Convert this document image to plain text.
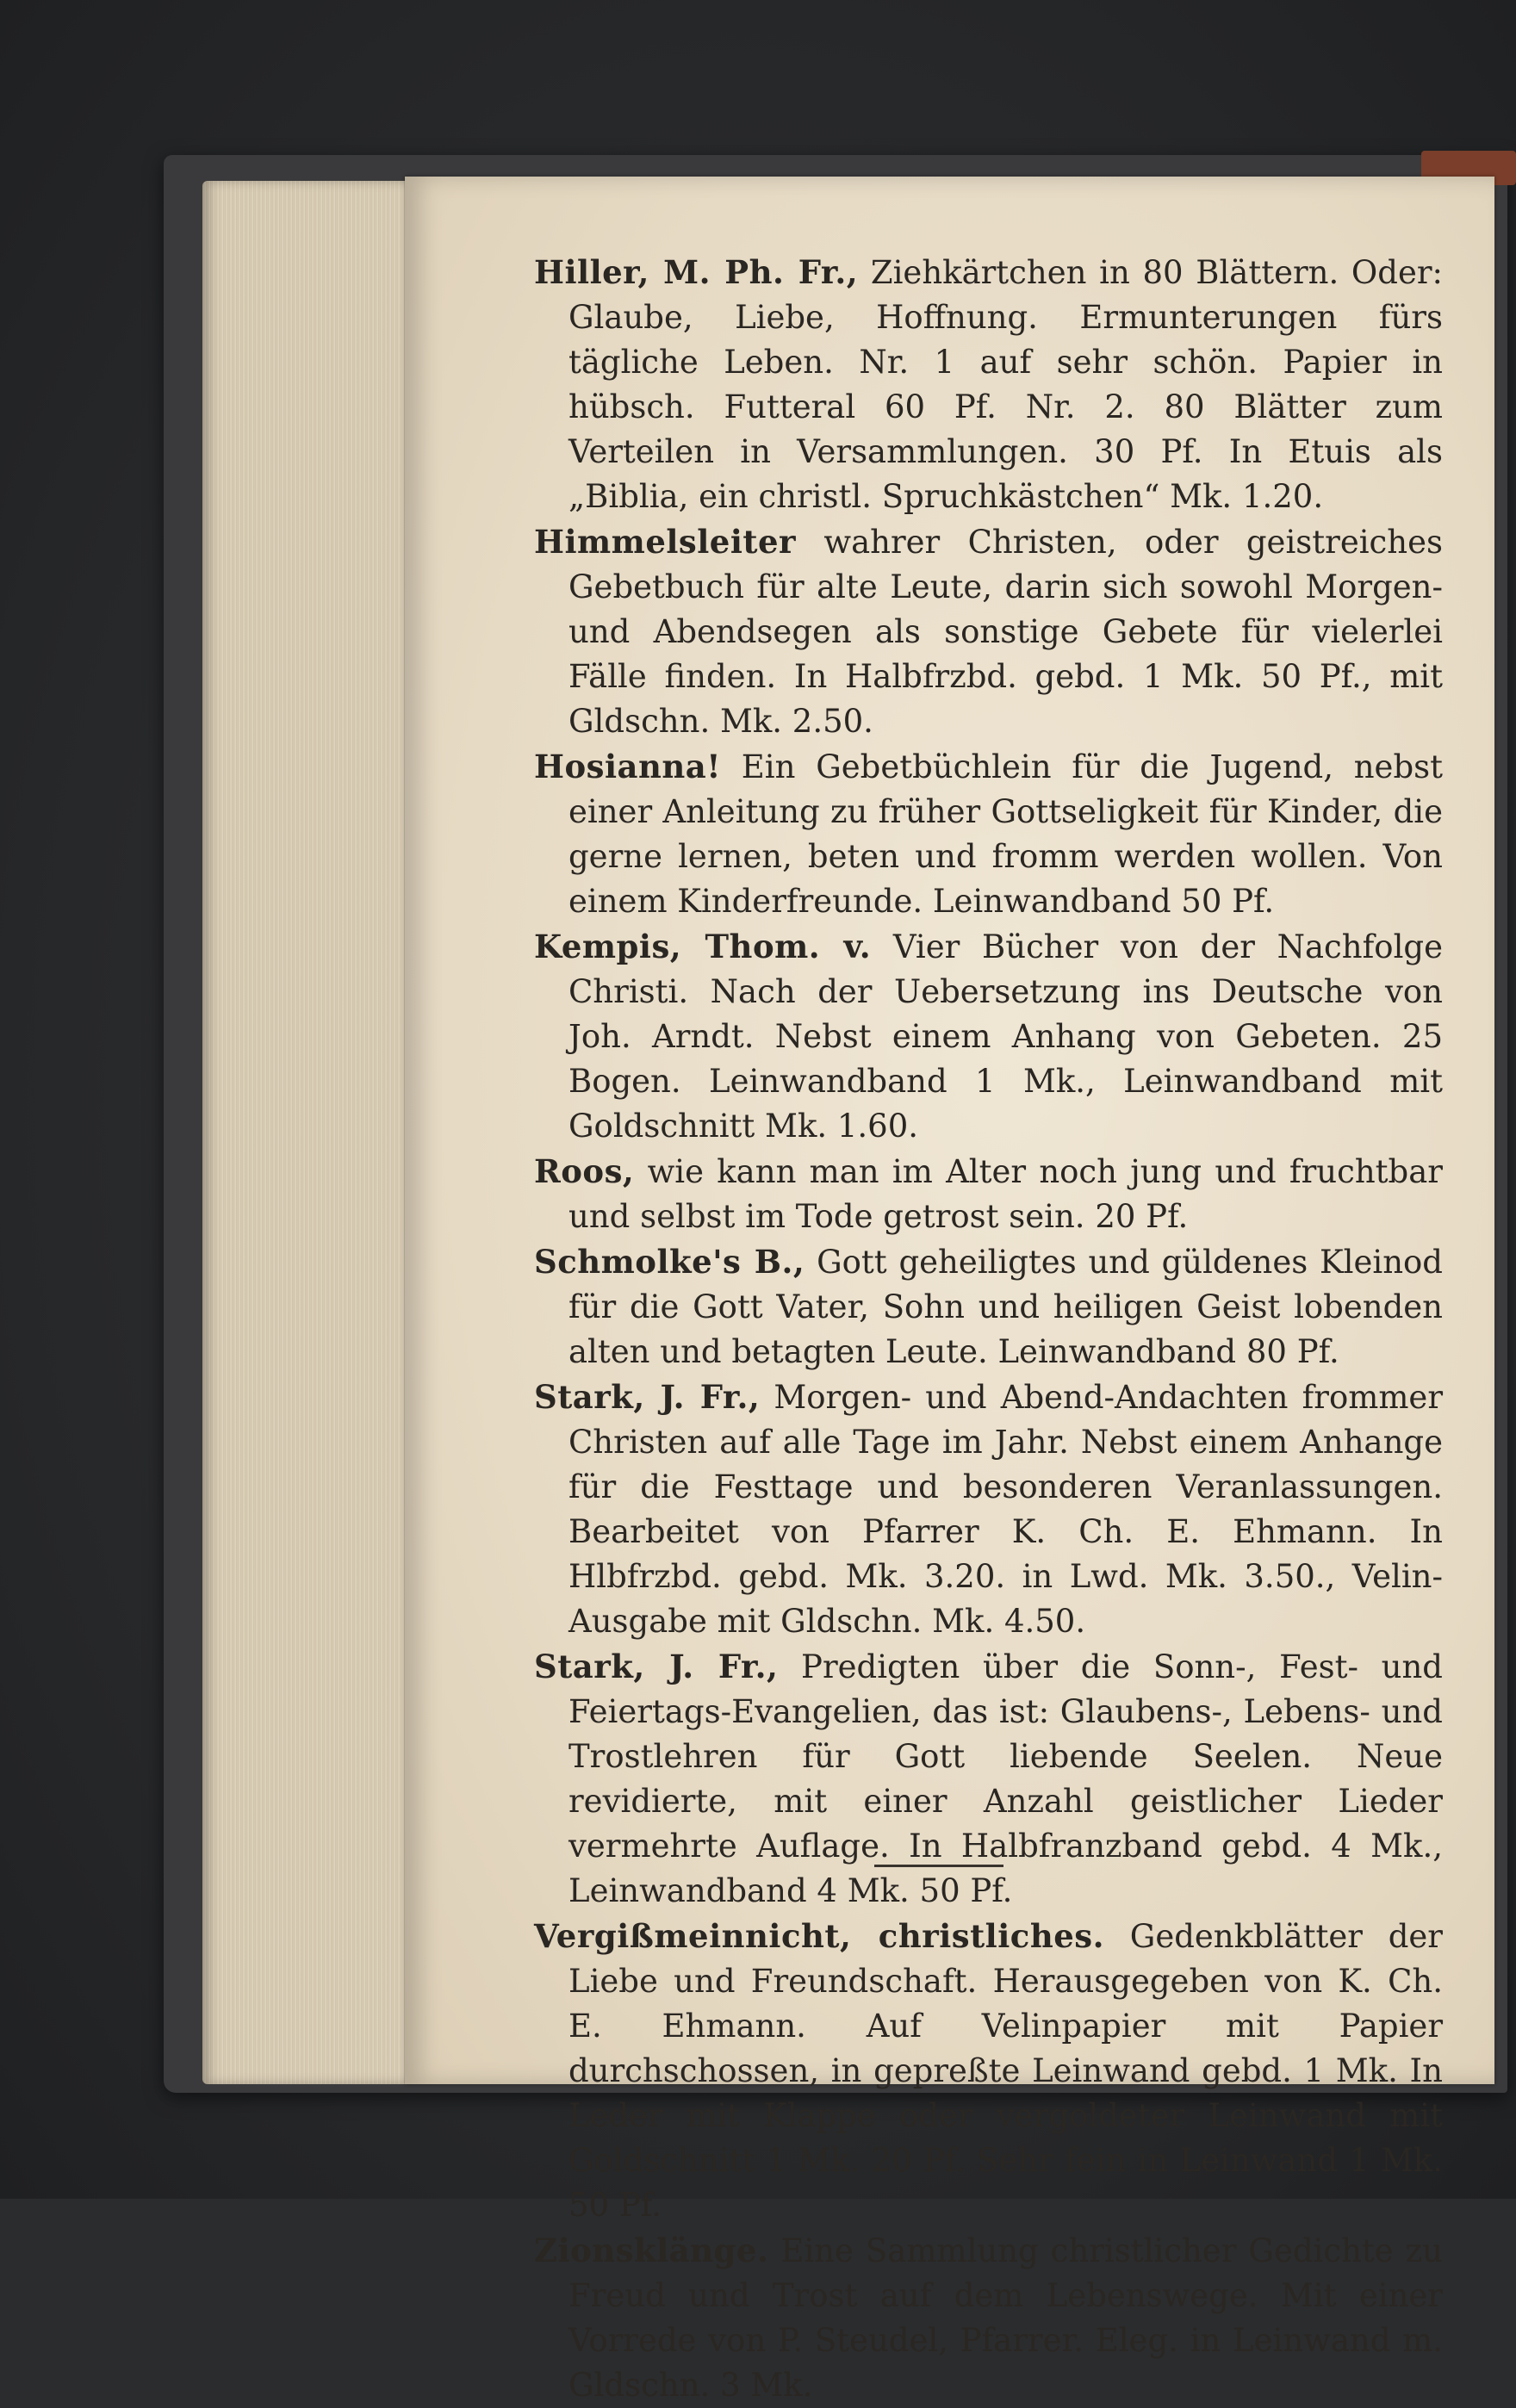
Hiller, M. Ph. Fr., Ziehkärtchen in 80 Blättern. Oder: Glaube, Liebe, Hoffnung. Ermunterungen fürs tägliche Leben. Nr. 1 auf sehr schön. Papier in hübsch. Futteral 60 Pf. Nr. 2. 80 Blätter zum Verteilen in Versammlungen. 30 Pf. In Etuis als „Biblia, ein christl. Spruchkästchen“ Mk. 1.20.

Himmelsleiter wahrer Christen, oder geistreiches Gebetbuch für alte Leute, darin sich sowohl Morgen- und Abendsegen als sonstige Gebete für vielerlei Fälle finden. In Halbfrzbd. gebd. 1 Mk. 50 Pf., mit Gldschn. Mk. 2.50.

Hosianna! Ein Gebetbüchlein für die Jugend, nebst einer Anleitung zu früher Gottseligkeit für Kinder, die gerne lernen, beten und fromm werden wollen. Von einem Kinderfreunde. Leinwandband 50 Pf.

Kempis, Thom. v. Vier Bücher von der Nachfolge Christi. Nach der Uebersetzung ins Deutsche von Joh. Arndt. Nebst einem Anhang von Gebeten. 25 Bogen. Leinwandband 1 Mk., Leinwandband mit Goldschnitt Mk. 1.60.

Roos, wie kann man im Alter noch jung und fruchtbar und selbst im Tode getrost sein. 20 Pf.

Schmolke's B., Gott geheiligtes und güldenes Kleinod für die Gott Vater, Sohn und heiligen Geist lobenden alten und betagten Leute. Leinwandband 80 Pf.

Stark, J. Fr., Morgen- und Abend-Andachten frommer Christen auf alle Tage im Jahr. Nebst einem Anhange für die Festtage und besonderen Veranlassungen. Bearbeitet von Pfarrer K. Ch. E. Ehmann. In Hlbfrzbd. gebd. Mk. 3.20. in Lwd. Mk. 3.50., Velin-Ausgabe mit Gldschn. Mk. 4.50.

Stark, J. Fr., Predigten über die Sonn-, Fest- und Feiertags-Evangelien, das ist: Glaubens-, Lebens- und Trostlehren für Gott liebende Seelen. Neue revidierte, mit einer Anzahl geistlicher Lieder vermehrte Auflage. In Halbfranzband gebd. 4 Mk., Leinwandband 4 Mk. 50 Pf.

Vergißmeinnicht, christliches. Gedenkblätter der Liebe und Freundschaft. Herausgegeben von K. Ch. E. Ehmann. Auf Velinpapier mit Papier durchschossen, in gepreßte Leinwand gebd. 1 Mk. In Leder mit Klappe oder vergoldeter Leinwand mit Goldschnitt 1 Mk. 20 Pf. Sehr fein in Leinwand 1 Mk. 50 Pf.

Zionsklänge. Eine Sammlung christlicher Gedichte zu Freud und Trost auf dem Lebenswege. Mit einer Vorrede von P. Steudel, Pfarrer. Eleg. in Leinwand m. Gldschn. 3 Mk.
